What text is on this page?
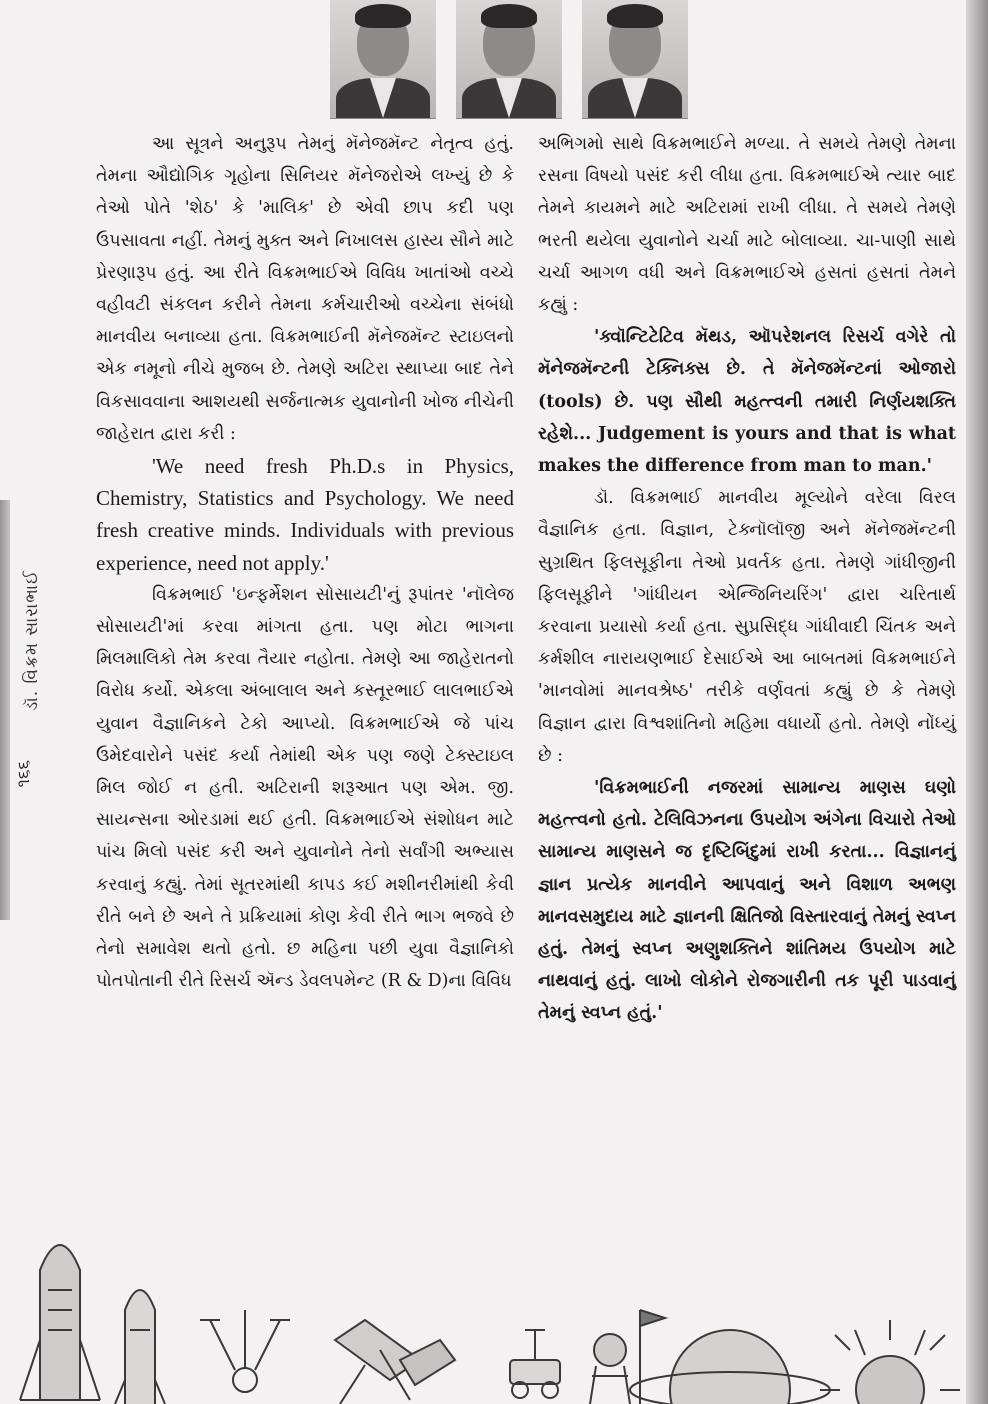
ડૉ. વિક્રમ સારાભાઈ
૧૬૬

આ સૂત્રને અનુરૂપ તેમનું મૅનેજમૅન્ટ નેતૃત્વ હતું. તેમના ઔદ્યોગિક ગૃહોના સિનિયર મૅનેજરોએ લખ્યું છે કે તેઓ પોતે 'શેઠ' કે 'માલિક' છે એવી છાપ કદી પણ ઉપસાવતા નહીં. તેમનું મુક્ત અને નિખાલસ હાસ્ય સૌને માટે પ્રેરણારૂપ હતું. આ રીતે વિક્રમભાઈએ વિવિધ ખાતાંઓ વચ્ચે વહીવટી સંકલન કરીને તેમના કર્મચારીઓ વચ્ચેના સંબંધો માનવીય બનાવ્યા હતા. વિક્રમભાઈની મૅનેજમૅન્ટ સ્ટાઇલનો એક નમૂનો નીચે મુજબ છે. તેમણે અટિરા સ્થાપ્યા બાદ તેને વિકસાવવાના આશયથી સર્જનાત્મક યુવાનોની ખોજ નીચેની જાહેરાત દ્વારા કરી :

'We need fresh Ph.D.s in Physics, Chemistry, Statistics and Psychology. We need fresh creative minds. Individuals with previous experience, need not apply.'

વિક્રમભાઈ 'ઇન્ફર્મેશન સોસાયટી'નું રૂપાંતર 'નૉલેજ સોસાયટી'માં કરવા માંગતા હતા. પણ મોટા ભાગના મિલમાલિકો તેમ કરવા તૈયાર નહોતા. તેમણે આ જાહેરાતનો વિરોધ કર્યો. એકલા અંબાલાલ અને કસ્તૂરભાઈ લાલભાઈએ યુવાન વૈજ્ઞાનિકને ટેકો આપ્યો. વિક્રમભાઈએ જે પાંચ ઉમેદવારોને પસંદ કર્યા તેમાંથી એક પણ જણે ટેક્સ્ટાઇલ મિલ જોઈ ન હતી. અટિરાની શરૂઆત પણ એમ. જી. સાયન્સના ઓરડામાં થઈ હતી. વિક્રમભાઈએ સંશોધન માટે પાંચ મિલો પસંદ કરી અને યુવાનોને તેનો સર્વાંગી અભ્યાસ કરવાનું કહ્યું. તેમાં સૂતરમાંથી કાપડ કઈ મશીનરીમાંથી કેવી રીતે બને છે અને તે પ્રક્રિયામાં કોણ કેવી રીતે ભાગ ભજવે છે તેનો સમાવેશ થતો હતો. છ મહિના પછી યુવા વૈજ્ઞાનિકો પોતપોતાની રીતે રિસર્ચ ઍન્ડ ડેવલપમેન્ટ (R & D)ના વિવિધ

અભિગમો સાથે વિક્રમભાઈને મળ્યા. તે સમયે તેમણે તેમના રસના વિષયો પસંદ કરી લીધા હતા. વિક્રમભાઈએ ત્યાર બાદ તેમને કાયમને માટે અટિરામાં રાખી લીધા. તે સમયે તેમણે ભરતી થયેલા યુવાનોને ચર્ચા માટે બોલાવ્યા. ચા-પાણી સાથે ચર્ચા આગળ વધી અને વિક્રમભાઈએ હસતાં હસતાં તેમને કહ્યું :

'ક્વૉન્ટિટેટિવ મૅથડ, ઑપરેશનલ રિસર્ચ વગેરે તો મૅનેજમૅન્ટની ટેક્નિક્સ છે. તે મૅનેજમૅન્ટનાં ઓજારો (tools) છે. પણ સૌથી મહત્ત્વની તમારી નિર્ણયશક્તિ રહેશે... Judgement is yours and that is what makes the difference from man to man.'

ડૉ. વિક્રમભાઈ માનવીય મૂલ્યોને વરેલા વિરલ વૈજ્ઞાનિક હતા. વિજ્ઞાન, ટેક્નૉલૉજી અને મૅનેજમૅન્ટની સુગ્રથિત ફિલસૂફીના તેઓ પ્રવર્તક હતા. તેમણે ગાંધીજીની ફિલસૂફીને 'ગાંધીયન એન્જિનિયરિંગ' દ્વારા ચરિતાર્થ કરવાના પ્રયાસો કર્યા હતા. સુપ્રસિદ્ધ ગાંધીવાદી ચિંતક અને કર્મશીલ નારાયણભાઈ દેસાઈએ આ બાબતમાં વિક્રમભાઈને 'માનવોમાં માનવશ્રેષ્ઠ' તરીકે વર્ણવતાં કહ્યું છે કે તેમણે વિજ્ઞાન દ્વારા વિશ્વશાંતિનો મહિમા વધાર્યો હતો. તેમણે નોંધ્યું છે :

'વિક્રમભાઈની નજરમાં સામાન્ય માણસ ઘણો મહત્ત્વનો હતો. ટેલિવિઝનના ઉપયોગ અંગેના વિચારો તેઓ સામાન્ય માણસને જ દૃષ્ટિબિંદુમાં રાખી કરતા... વિજ્ઞાનનું જ્ઞાન પ્રત્યેક માનવીને આપવાનું અને વિશાળ અભણ માનવસમુદાય માટે જ્ઞાનની ક્ષિતિજો વિસ્તારવાનું તેમનું સ્વપ્ન હતું. તેમનું સ્વપ્ન અણુશક્તિને શાંતિમય ઉપયોગ માટે નાથવાનું હતું. લાખો લોકોને રોજગારીની તક પૂરી પાડવાનું તેમનું સ્વપ્ન હતું.'
